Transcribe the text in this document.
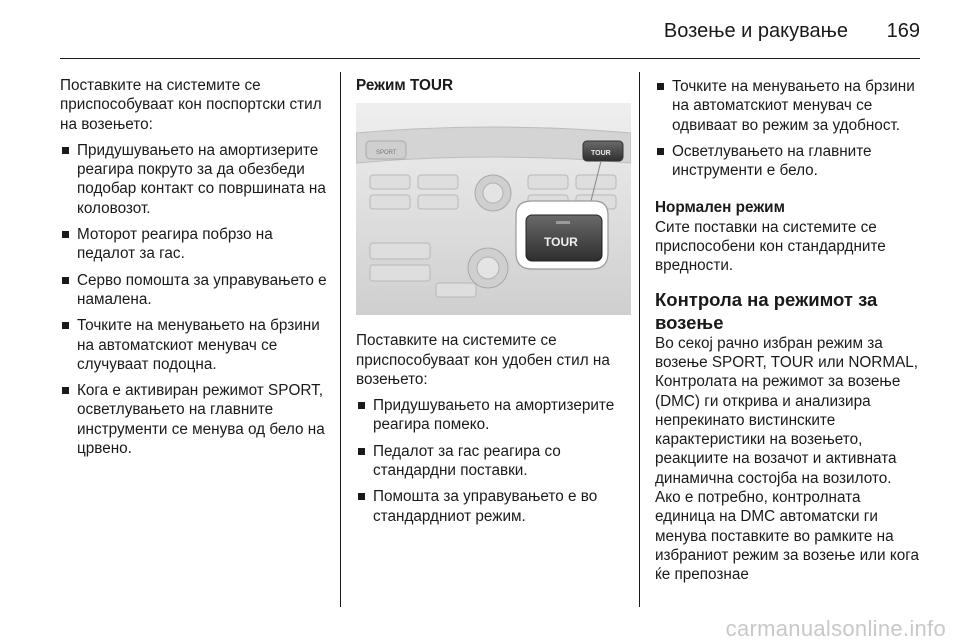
Возење и ракување	169

Поставките на системите се приспособуваат кон поспортски стил на возењето:

Придушувањето на амортизерите реагира покруто за да обезбеди подобар контакт со површината на коловозот.
Моторот реагира побрзо на педалот за гас.
Серво помошта за управувањето е намалена.
Точките на менувањето на брзини на автоматскиот менувач се случуваат подоцна.
Кога е активиран режимот SPORT, осветлувањето на главните инструменти се менува од бело на црвено.

Режим TOUR

SPORT	TOUR
TOUR

Поставките на системите се приспособуваат кон удобен стил на возењето:

Придушувањето на амортизерите реагира помеко.
Педалот за гас реагира со стандардни поставки.
Помошта за управувањето е во стандардниот режим.
Точките на менувањето на брзини на автоматскиот менувач се одвиваат во режим за удобност.
Осветлувањето на главните инструменти е бело.

Нормален режим

Сите поставки на системите се приспособени кон стандардните вредности.

Контрола на режимот за возење

Во секој рачно избран режим за возење SPORT, TOUR или NORMAL, Контролата на режимот за возење (DMC) ги открива и анализира непрекинато вистинските карактеристики на возењето, реакциите на возачот и активната динамична состојба на возилото. Ако е потребно, контролната единица на DMC автоматски ги менува поставките во рамките на избраниот режим за возење или кога ќе препознае

carmanualsonline.info
